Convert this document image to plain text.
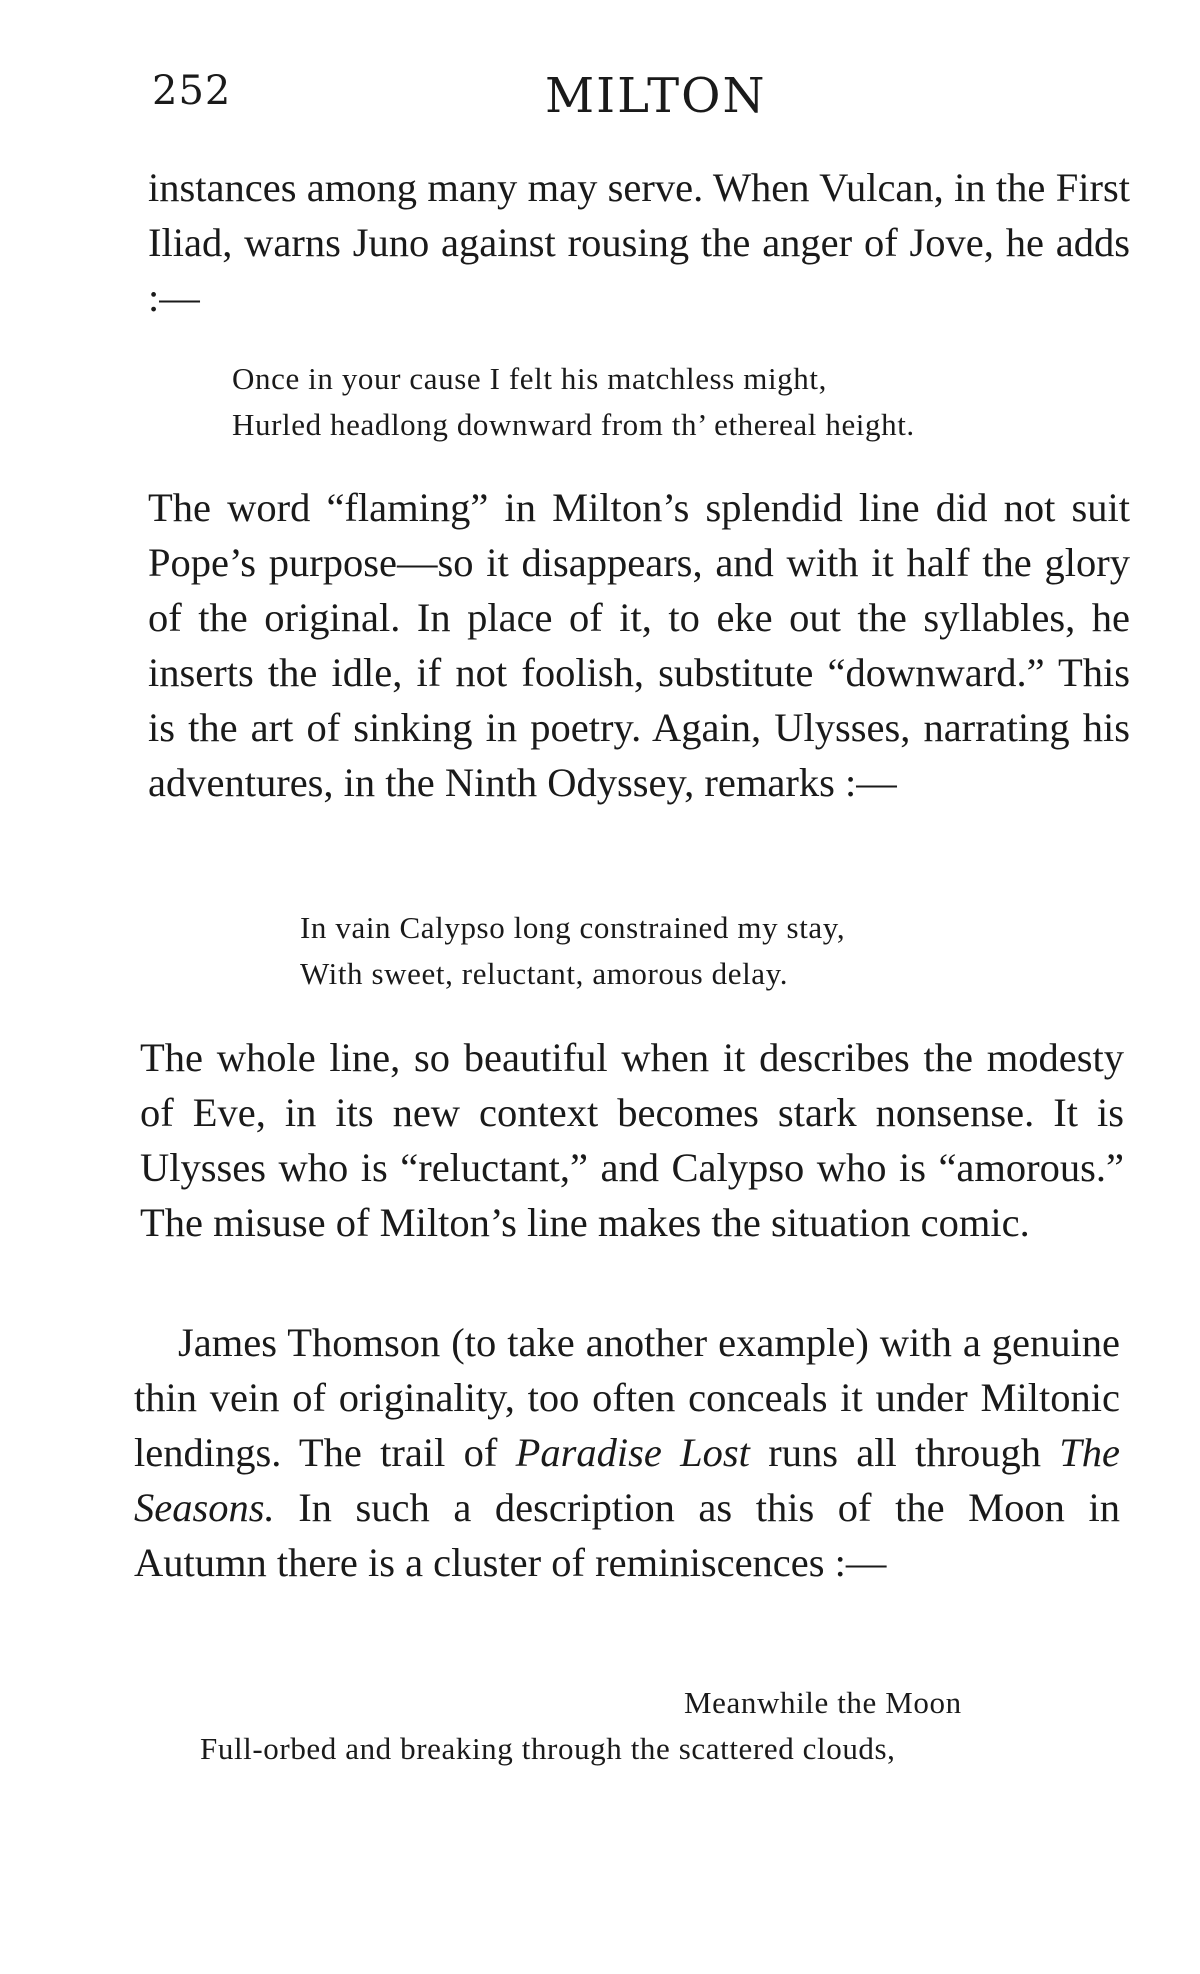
252	MILTON

instances among many may serve. When Vulcan, in the First Iliad, warns Juno against rousing the anger of Jove, he adds :—

Once in your cause I felt his matchless might,
Hurled headlong downward from th’ ethereal height.

The word “flaming” in Milton’s splendid line did not suit Pope’s purpose—so it disappears, and with it half the glory of the original. In place of it, to eke out the syllables, he inserts the idle, if not foolish, substitute “downward.” This is the art of sinking in poetry. Again, Ulysses, narrating his adventures, in the Ninth Odyssey, remarks :—

In vain Calypso long constrained my stay,
With sweet, reluctant, amorous delay.

The whole line, so beautiful when it describes the modesty of Eve, in its new context becomes stark nonsense. It is Ulysses who is “reluctant,” and Calypso who is “amorous.” The misuse of Milton’s line makes the situation comic.

James Thomson (to take another example) with a genuine thin vein of originality, too often conceals it under Miltonic lendings. The trail of Paradise Lost runs all through The Seasons. In such a description as this of the Moon in Autumn there is a cluster of reminiscences :—

Meanwhile the Moon
Full-orbed and breaking through the scattered clouds,
